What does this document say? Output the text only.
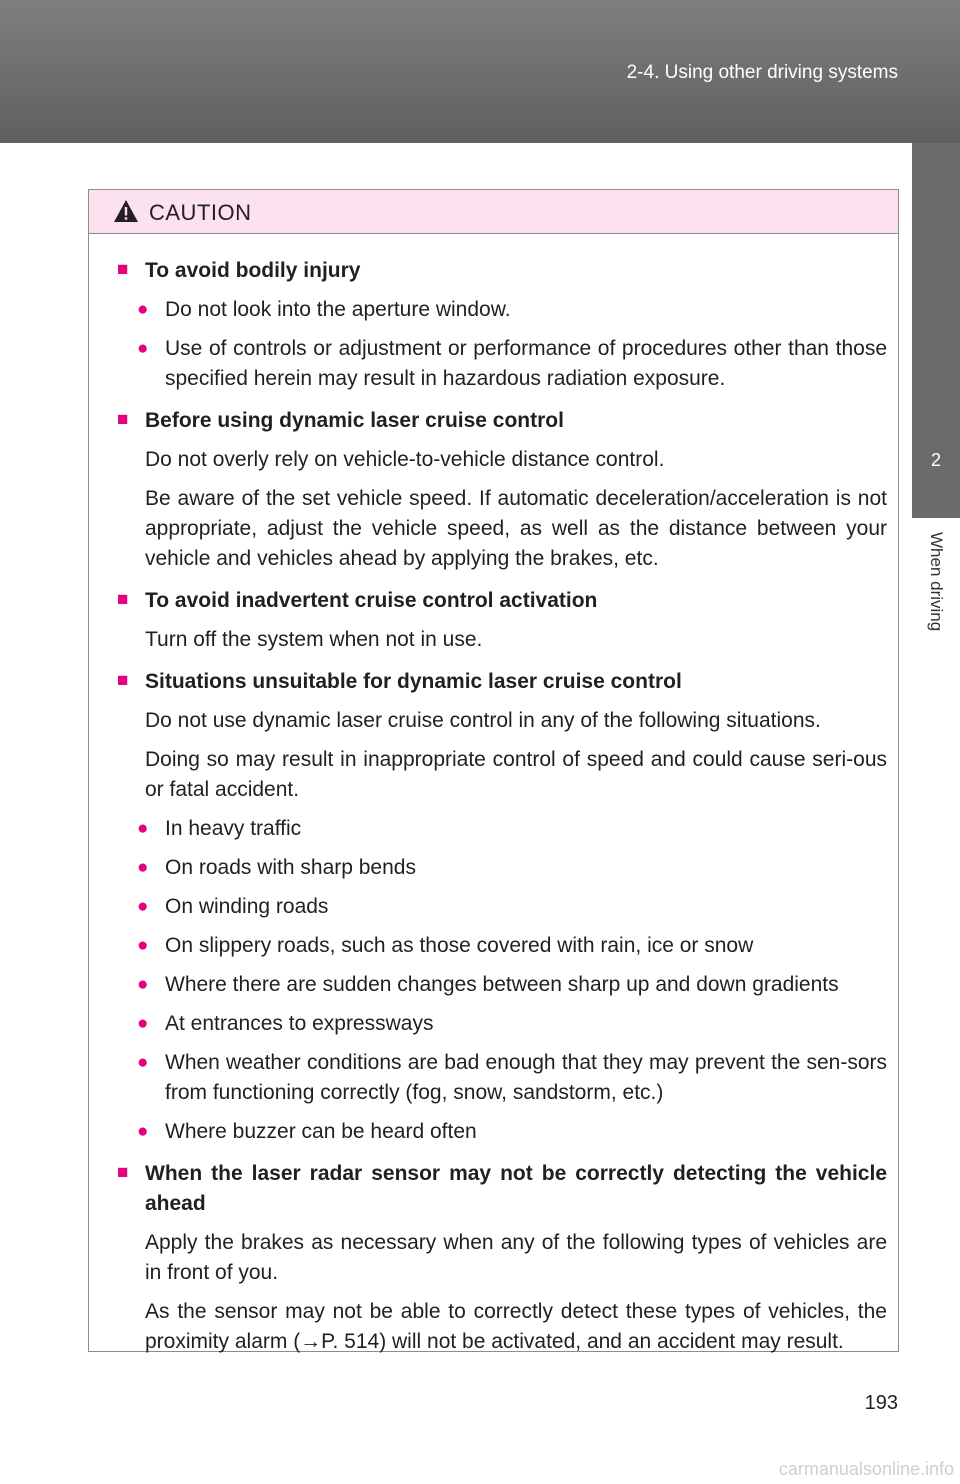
2-4. Using other driving systems
2
When driving
CAUTION
■ To avoid bodily injury
● Do not look into the aperture window.
● Use of controls or adjustment or performance of procedures other than those specified herein may result in hazardous radiation exposure.
■ Before using dynamic laser cruise control
Do not overly rely on vehicle-to-vehicle distance control.
Be aware of the set vehicle speed. If automatic deceleration/acceleration is not appropriate, adjust the vehicle speed, as well as the distance between your vehicle and vehicles ahead by applying the brakes, etc.
■ To avoid inadvertent cruise control activation
Turn off the system when not in use.
■ Situations unsuitable for dynamic laser cruise control
Do not use dynamic laser cruise control in any of the following situations.
Doing so may result in inappropriate control of speed and could cause seri-ous or fatal accident.
● In heavy traffic
● On roads with sharp bends
● On winding roads
● On slippery roads, such as those covered with rain, ice or snow
● Where there are sudden changes between sharp up and down gradients
● At entrances to expressways
● When weather conditions are bad enough that they may prevent the sen-sors from functioning correctly (fog, snow, sandstorm, etc.)
● Where buzzer can be heard often
■ When the laser radar sensor may not be correctly detecting the vehicle ahead
Apply the brakes as necessary when any of the following types of vehicles are in front of you.
As the sensor may not be able to correctly detect these types of vehicles, the proximity alarm (→P. 514) will not be activated, and an accident may result.
193
carmanualsonline.info
